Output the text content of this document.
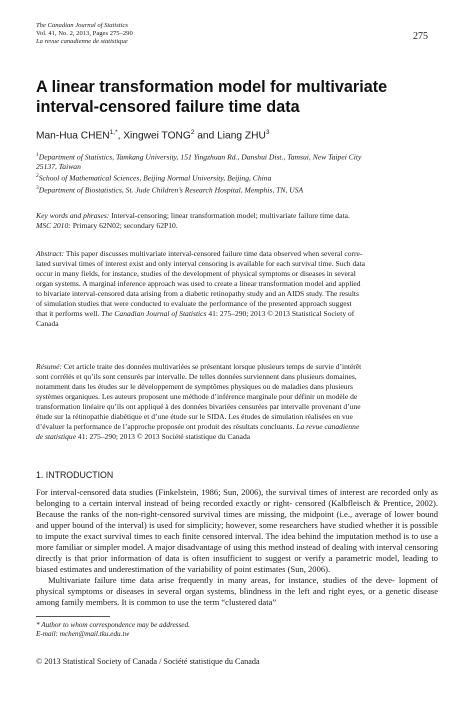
The Canadian Journal of Statistics
Vol. 41, No. 2, 2013, Pages 275–290
La revue canadienne de statistique	275
A linear transformation model for multivariate
interval-censored failure time data
Man-Hua $CHEN^{1,*}$, Xingwei TONG$^2$ and Liang ZHU$^3$
$^1$Department of Statistics, Tamkang University, 151 Yingzhuan Rd., Danshui Dist., Tamsui, New Taipei City
25137, Taiwan
$^2$School of Mathematical Sciences, Beijing Normal University, Beijing, China
$^3$Department of Biostatistics, St. Jude Children’s Research Hospital, Memphis, TN, USA
Key words and phrases: Interval-censoring; linear transformation model; multivariate failure time data.
MSC 2010: Primary 62N02; secondary 62P10.
Abstract: This paper discusses multivariate interval-censored failure time data observed when several corre-
lated survival times of interest exist and only interval censoring is available for each survival time. Such data
occur in many fields, for instance, studies of the development of physical symptoms or diseases in several
organ systems. A marginal inference approach was used to create a linear transformation model and applied
to bivariate interval-censored data arising from a diabetic retinopathy study and an AIDS study. The results
of simulation studies that were conducted to evaluate the performance of the presented approach suggest
that it performs well. The Canadian Journal of Statistics 41: 275–290; 2013 © 2013 Statistical Society of
Canada
Résumé: Cet article traite des données multivariées se présentant lorsque plusieurs temps de survie d’intérêt
sont corrélés et qu’ils sont censurés par intervalle. De telles données surviennent dans plusieurs domaines,
notamment dans les études sur le développement de symptômes physiques ou de maladies dans plusieurs
systèmes organiques. Les auteurs proposent une méthode d’inférence marginale pour définir un modèle de
transformation linéaire qu’ils ont appliqué à des données bivariées censurées par intervalle provenant d’une
étude sur la rétinopathie diabétique et d’une étude sur le SIDA. Les études de simulation réalisées en vue
d’évaluer la performance de l’approche proposée ont produit des résultats concluants. La revue canadienne
de statistique 41: 275–290; 2013 © 2013 Société statistique du Canada
1. INTRODUCTION

For interval-censored data studies (Finkelstein, 1986; Sun, 2006), the survival times of interest are recorded only as belonging to a certain interval instead of being recorded exactly or right- censored (Kalbfleisch & Prentice, 2002). Because the ranks of the non-right-censored survival times are missing, the midpoint (i.e., average of lower bound and upper bound of the interval) is used for simplicity; however, some researchers have studied whether it is possible to impute the exact survival times to each finite censored interval. The idea behind the imputation method is to use a more familiar or simpler model. A major disadvantage of using this method instead of dealing with interval censoring directly is that prior information of data is often insufficient to suggest or verify a parametric model, leading to biased estimates and underestimation of the variability of point estimates (Sun, 2006).

Multivariate failure time data arise frequently in many areas, for instance, studies of the deve- lopment of physical symptoms or diseases in several organ systems, blindness in the left and right eyes, or a genetic disease among family members. It is common to use the term “clustered data”

* Author to whom correspondence may be addressed.
E-mail: mchen@mail.tku.edu.tw
© 2013 Statistical Society of Canada / Société statistique du Canada
